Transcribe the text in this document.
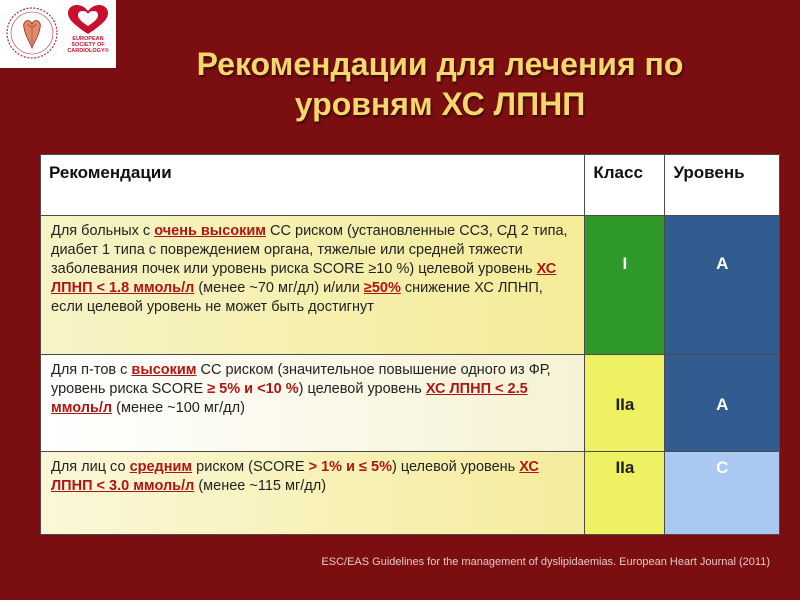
EUROPEAN
SOCIETY OF
CARDIOLOGY®	Рекомендации для лечения по
уровням ХС ЛПНП
Рекомендации	Класс	Уровень
Для больных с очень высоким СС риском (установленные ССЗ, СД 2 типа, диабет 1 типа с повреждением органа, тяжелые или средней тяжести заболевания почек или уровень риска SCORE ≥10 %) целевой уровень ХС ЛПНП < 1.8 ммоль/л (менее ~70 мг/дл) и/или ≥50% снижение ХС ЛПНП, если целевой уровень не может быть достигнут	I	A
Для п-тов с высоким СС риском (значительное повышение одного из ФР, уровень риска SCORE ≥ 5% и <10 %) целевой уровень ХС ЛПНП < 2.5 ммоль/л (менее ~100 мг/дл)	IIa	A
Для лиц со средним риском (SCORE > 1% и ≤ 5%) целевой уровень ХС ЛПНП < 3.0 ммоль/л (менее ~115 мг/дл)	IIa	C
ESC/EAS Guidelines for the management of dyslipidaemias. European Heart Journal (2011)
